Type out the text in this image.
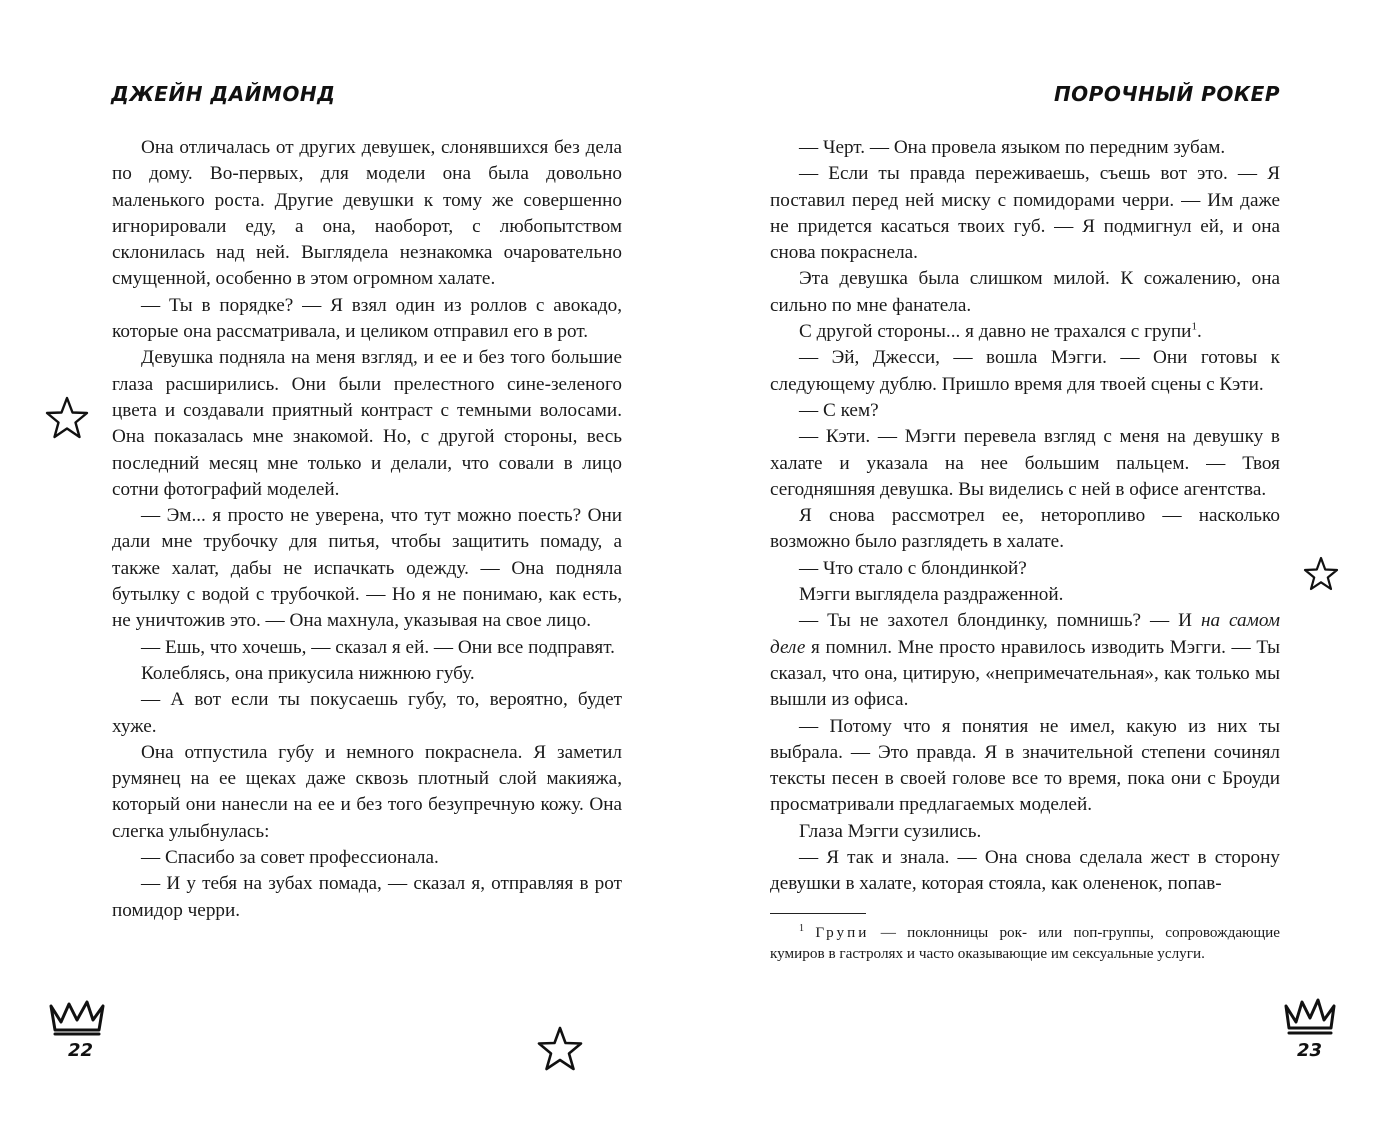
ДЖЕЙН ДАЙМОНД

Она отличалась от других девушек, слонявшихся без дела по дому. Во-первых, для модели она была довольно маленького роста. Другие девушки к тому же совершенно игнорировали еду, а она, наоборот, с любопытством склонилась над ней. Выглядела незнакомка очаровательно смущенной, особенно в этом огромном халате.

— Ты в порядке? — Я взял один из роллов с авокадо, которые она рассматривала, и целиком отправил его в рот.

Девушка подняла на меня взгляд, и ее и без того большие глаза расширились. Они были прелестного сине-зеленого цвета и создавали приятный контраст с темными волосами. Она показалась мне знакомой. Но, с другой стороны, весь последний месяц мне только и делали, что совали в лицо сотни фотографий моделей.

— Эм... я просто не уверена, что тут можно поесть? Они дали мне трубочку для питья, чтобы защитить помаду, а также халат, дабы не испачкать одежду. — Она подняла бутылку с водой с трубочкой. — Но я не понимаю, как есть, не уничтожив это. — Она махнула, указывая на свое лицо.

— Ешь, что хочешь, — сказал я ей. — Они все подправят.

Колеблясь, она прикусила нижнюю губу.

— А вот если ты покусаешь губу, то, вероятно, будет хуже.

Она отпустила губу и немного покраснела. Я заметил румянец на ее щеках даже сквозь плотный слой макияжа, который они нанесли на ее и без того безупречную кожу. Она слегка улыбнулась:

— Спасибо за совет профессионала.

— И у тебя на зубах помада, — сказал я, отправляя в рот помидор черри.

22
ПОРОЧНЫЙ РОКЕР

— Черт. — Она провела языком по передним зубам.

— Если ты правда переживаешь, съешь вот это. — Я поставил перед ней миску с помидорами черри. — Им даже не придется касаться твоих губ. — Я подмигнул ей, и она снова покраснела.

Эта девушка была слишком милой. К сожалению, она сильно по мне фанатела.

С другой стороны... я давно не трахался с групи$^1$.

— Эй, Джесси, — вошла Мэгги. — Они готовы к следующему дублю. Пришло время для твоей сцены с Кэти.

— С кем?

— Кэти. — Мэгги перевела взгляд с меня на девушку в халате и указала на нее большим пальцем. — Твоя сегодняшняя девушка. Вы виделись с ней в офисе агентства.

Я снова рассмотрел ее, неторопливо — насколько возможно было разглядеть в халате.

— Что стало с блондинкой?

Мэгги выглядела раздраженной.

— Ты не захотел блондинку, помнишь? — И на самом деле я помнил. Мне просто нравилось изводить Мэгги. — Ты сказал, что она, цитирую, «непримечательная», как только мы вышли из офиса.

— Потому что я понятия не имел, какую из них ты выбрала. — Это правда. Я в значительной степени сочинял тексты песен в своей голове все то время, пока они с Броуди просматривали предлагаемых моделей.

Глаза Мэгги сузились.

— Я так и знала. — Она снова сделала жест в сторону девушки в халате, которая стояла, как олененок, попав-

$^1$ Групи — поклонницы рок- или поп-группы, сопровождающие кумиров в гастролях и часто оказывающие им сексуальные услуги.

23
